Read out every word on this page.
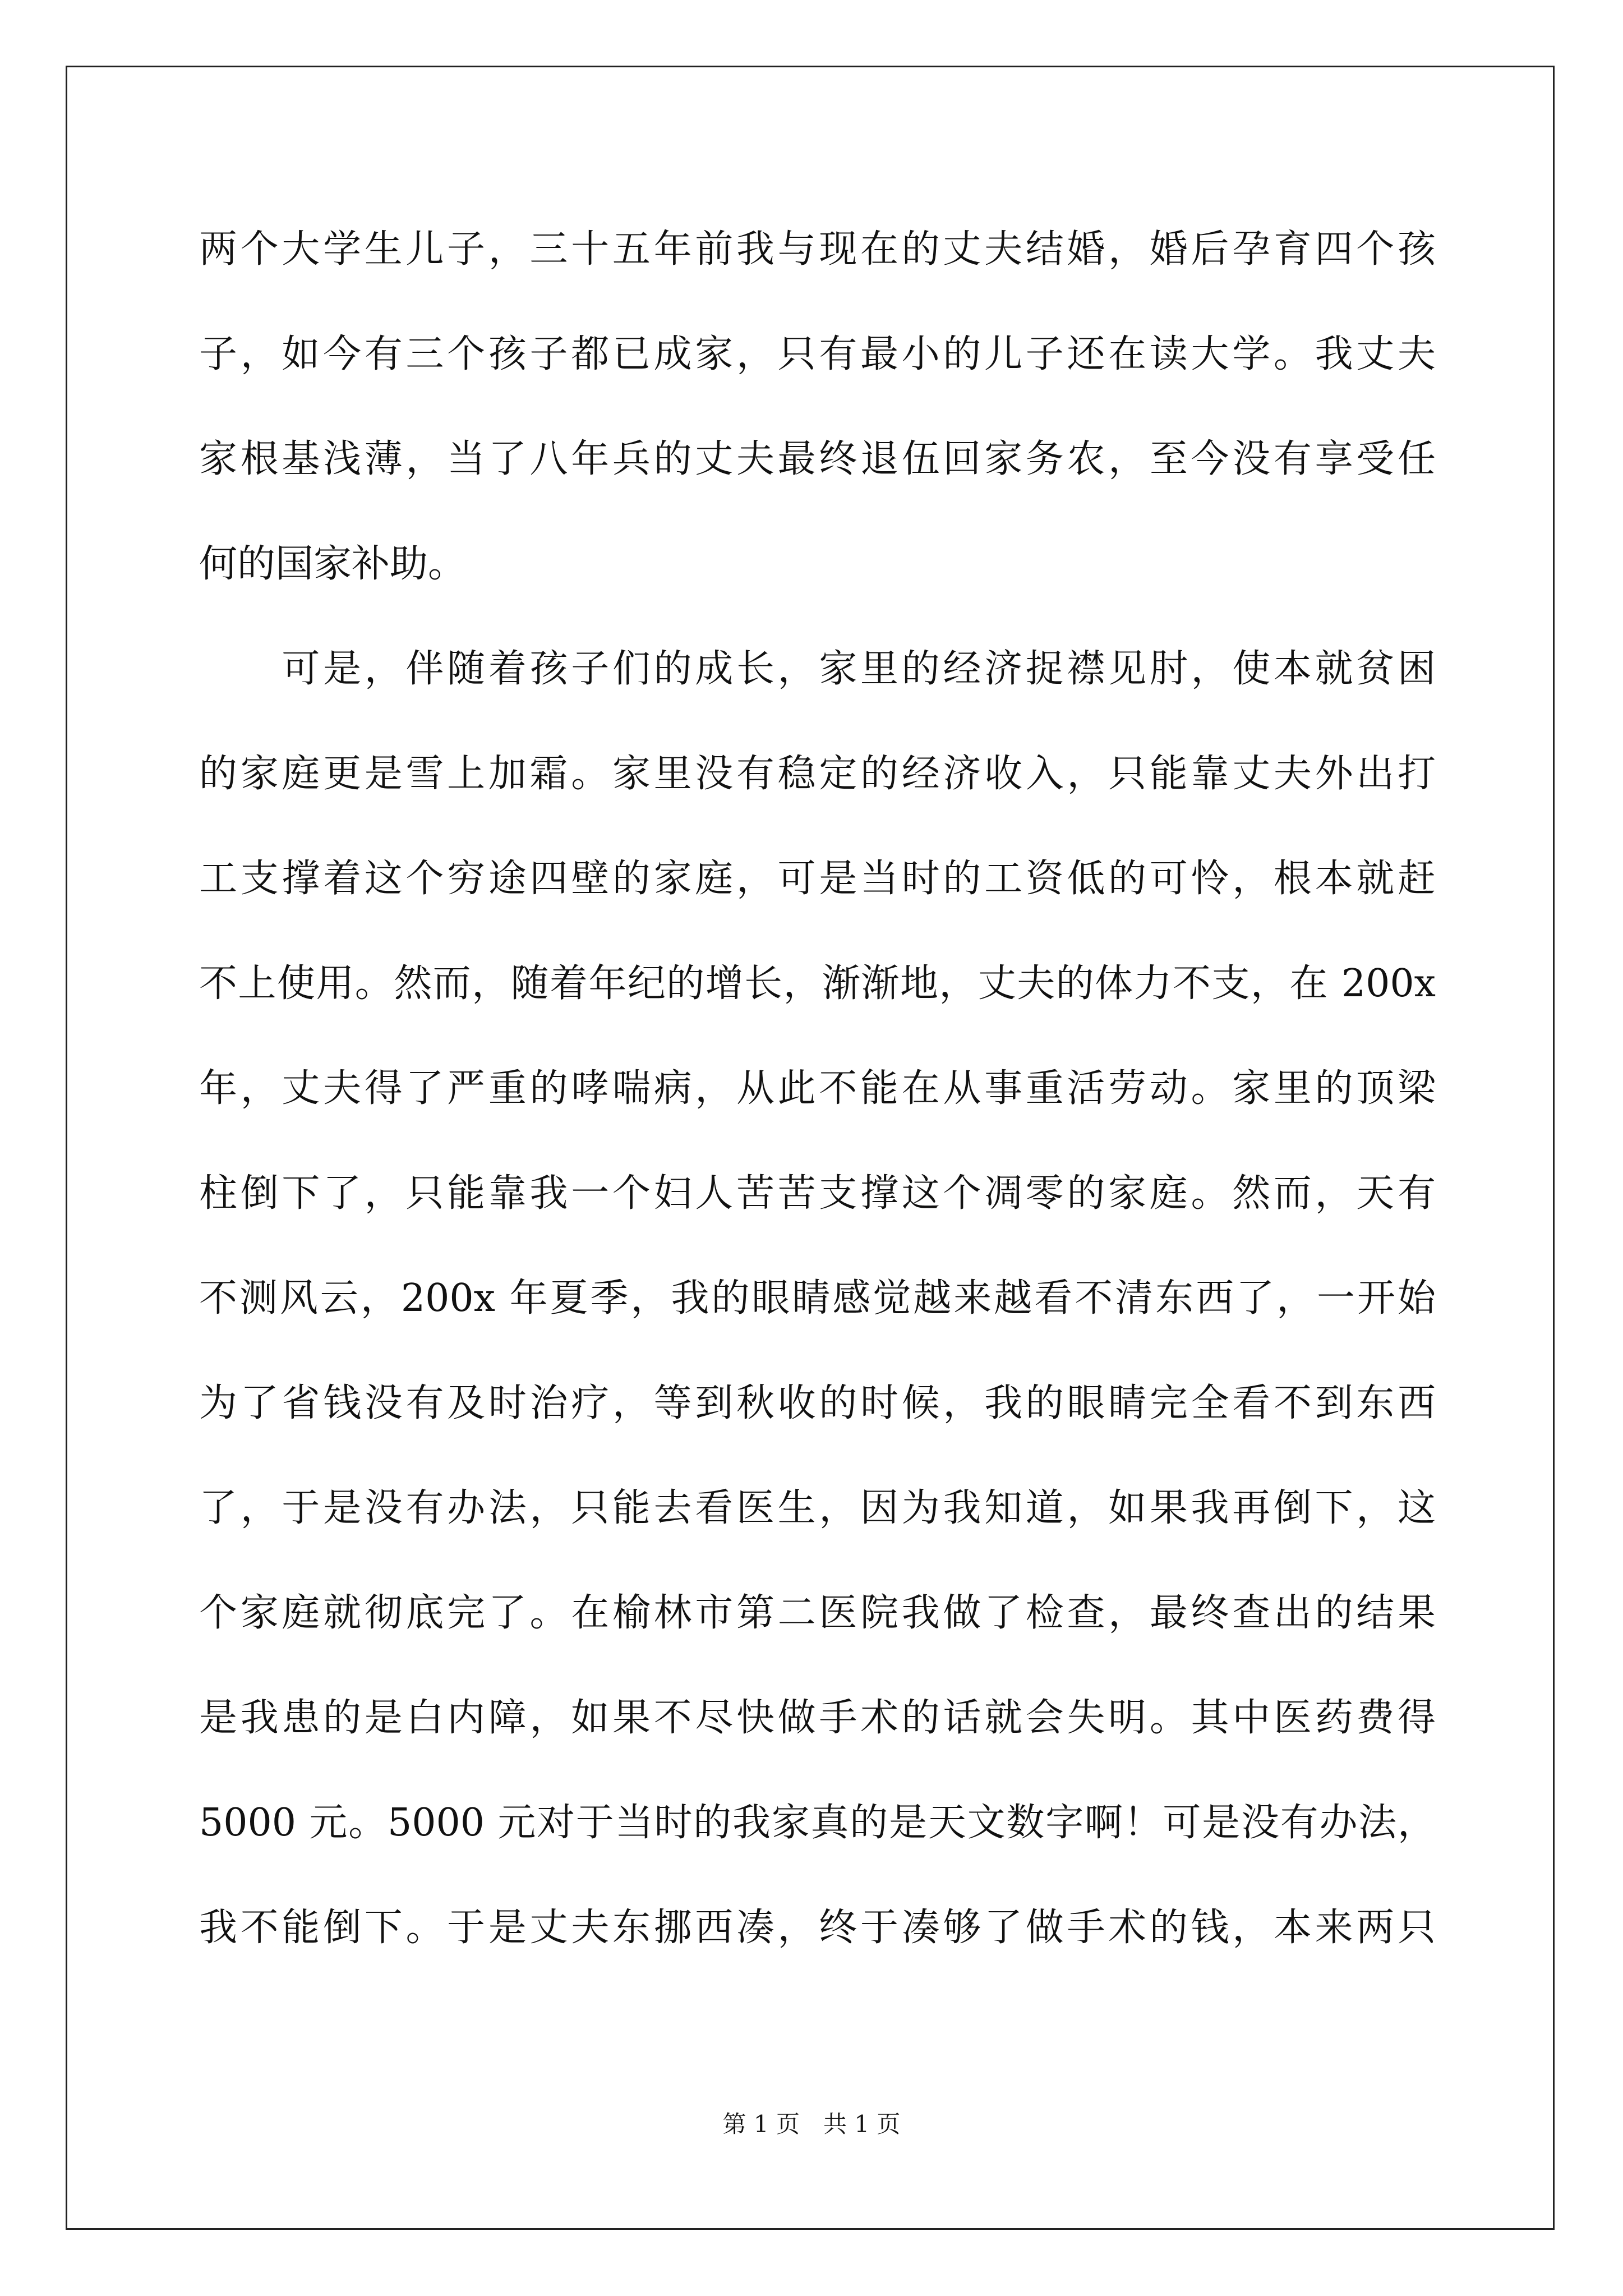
两个大学生儿子，三十五年前我与现在的丈夫结婚，婚后孕育四个孩
子，如今有三个孩子都已成家，只有最小的儿子还在读大学。我丈夫
家根基浅薄，当了八年兵的丈夫最终退伍回家务农，至今没有享受任
何的国家补助。
　　可是，伴随着孩子们的成长，家里的经济捉襟见肘，使本就贫困
的家庭更是雪上加霜。家里没有稳定的经济收入，只能靠丈夫外出打
工支撑着这个穷途四壁的家庭，可是当时的工资低的可怜，根本就赶
不上使用。然而，随着年纪的增长，渐渐地，丈夫的体力不支，在 200x
年，丈夫得了严重的哮喘病，从此不能在从事重活劳动。家里的顶梁
柱倒下了，只能靠我一个妇人苦苦支撑这个凋零的家庭。然而，天有
不测风云，200x 年夏季，我的眼睛感觉越来越看不清东西了，一开始
为了省钱没有及时治疗，等到秋收的时候，我的眼睛完全看不到东西
了，于是没有办法，只能去看医生，因为我知道，如果我再倒下，这
个家庭就彻底完了。在榆林市第二医院我做了检查，最终查出的结果
是我患的是白内障，如果不尽快做手术的话就会失明。其中医药费得
5000 元。5000 元对于当时的我家真的是天文数字啊！可是没有办法，
我不能倒下。于是丈夫东挪西凑，终于凑够了做手术的钱，本来两只
第 1 页　共 1 页
